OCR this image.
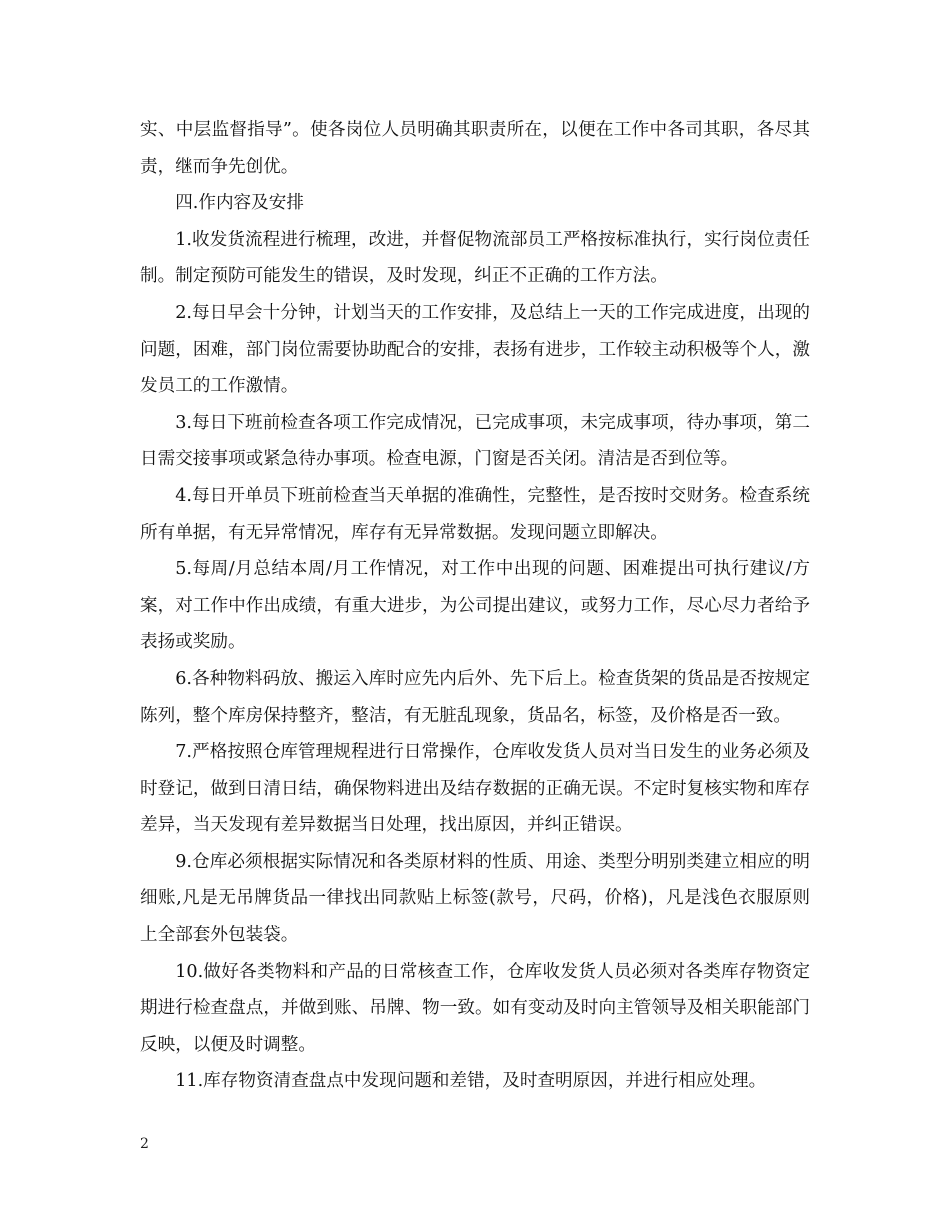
实、中层监督指导”。使各岗位人员明确其职责所在，以便在工作中各司其职，各尽其责，继而争先创优。

四.作内容及安排

1.收发货流程进行梳理，改进，并督促物流部员工严格按标准执行，实行岗位责任制。制定预防可能发生的错误，及时发现，纠正不正确的工作方法。

2.每日早会十分钟，计划当天的工作安排，及总结上一天的工作完成进度，出现的问题，困难，部门岗位需要协助配合的安排，表扬有进步，工作较主动积极等个人，激发员工的工作激情。

3.每日下班前检查各项工作完成情况，已完成事项，未完成事项，待办事项，第二日需交接事项或紧急待办事项。检查电源，门窗是否关闭。清洁是否到位等。

4.每日开单员下班前检查当天单据的准确性，完整性，是否按时交财务。检查系统所有单据，有无异常情况，库存有无异常数据。发现问题立即解决。

5.每周/月总结本周/月工作情况，对工作中出现的问题、困难提出可执行建议/方案，对工作中作出成绩，有重大进步，为公司提出建议，或努力工作，尽心尽力者给予表扬或奖励。

6.各种物料码放、搬运入库时应先内后外、先下后上。检查货架的货品是否按规定陈列，整个库房保持整齐，整洁，有无脏乱现象，货品名，标签，及价格是否一致。

7.严格按照仓库管理规程进行日常操作，仓库收发货人员对当日发生的业务必须及时登记，做到日清日结，确保物料进出及结存数据的正确无误。不定时复核实物和库存差异，当天发现有差异数据当日处理，找出原因，并纠正错误。

9.仓库必须根据实际情况和各类原材料的性质、用途、类型分明别类建立相应的明细账,凡是无吊牌货品一律找出同款贴上标签(款号，尺码，价格)，凡是浅色衣服原则上全部套外包装袋。

10.做好各类物料和产品的日常核查工作，仓库收发货人员必须对各类库存物资定期进行检查盘点，并做到账、吊牌、物一致。如有变动及时向主管领导及相关职能部门反映，以便及时调整。

11.库存物资清查盘点中发现问题和差错，及时查明原因，并进行相应处理。

2
